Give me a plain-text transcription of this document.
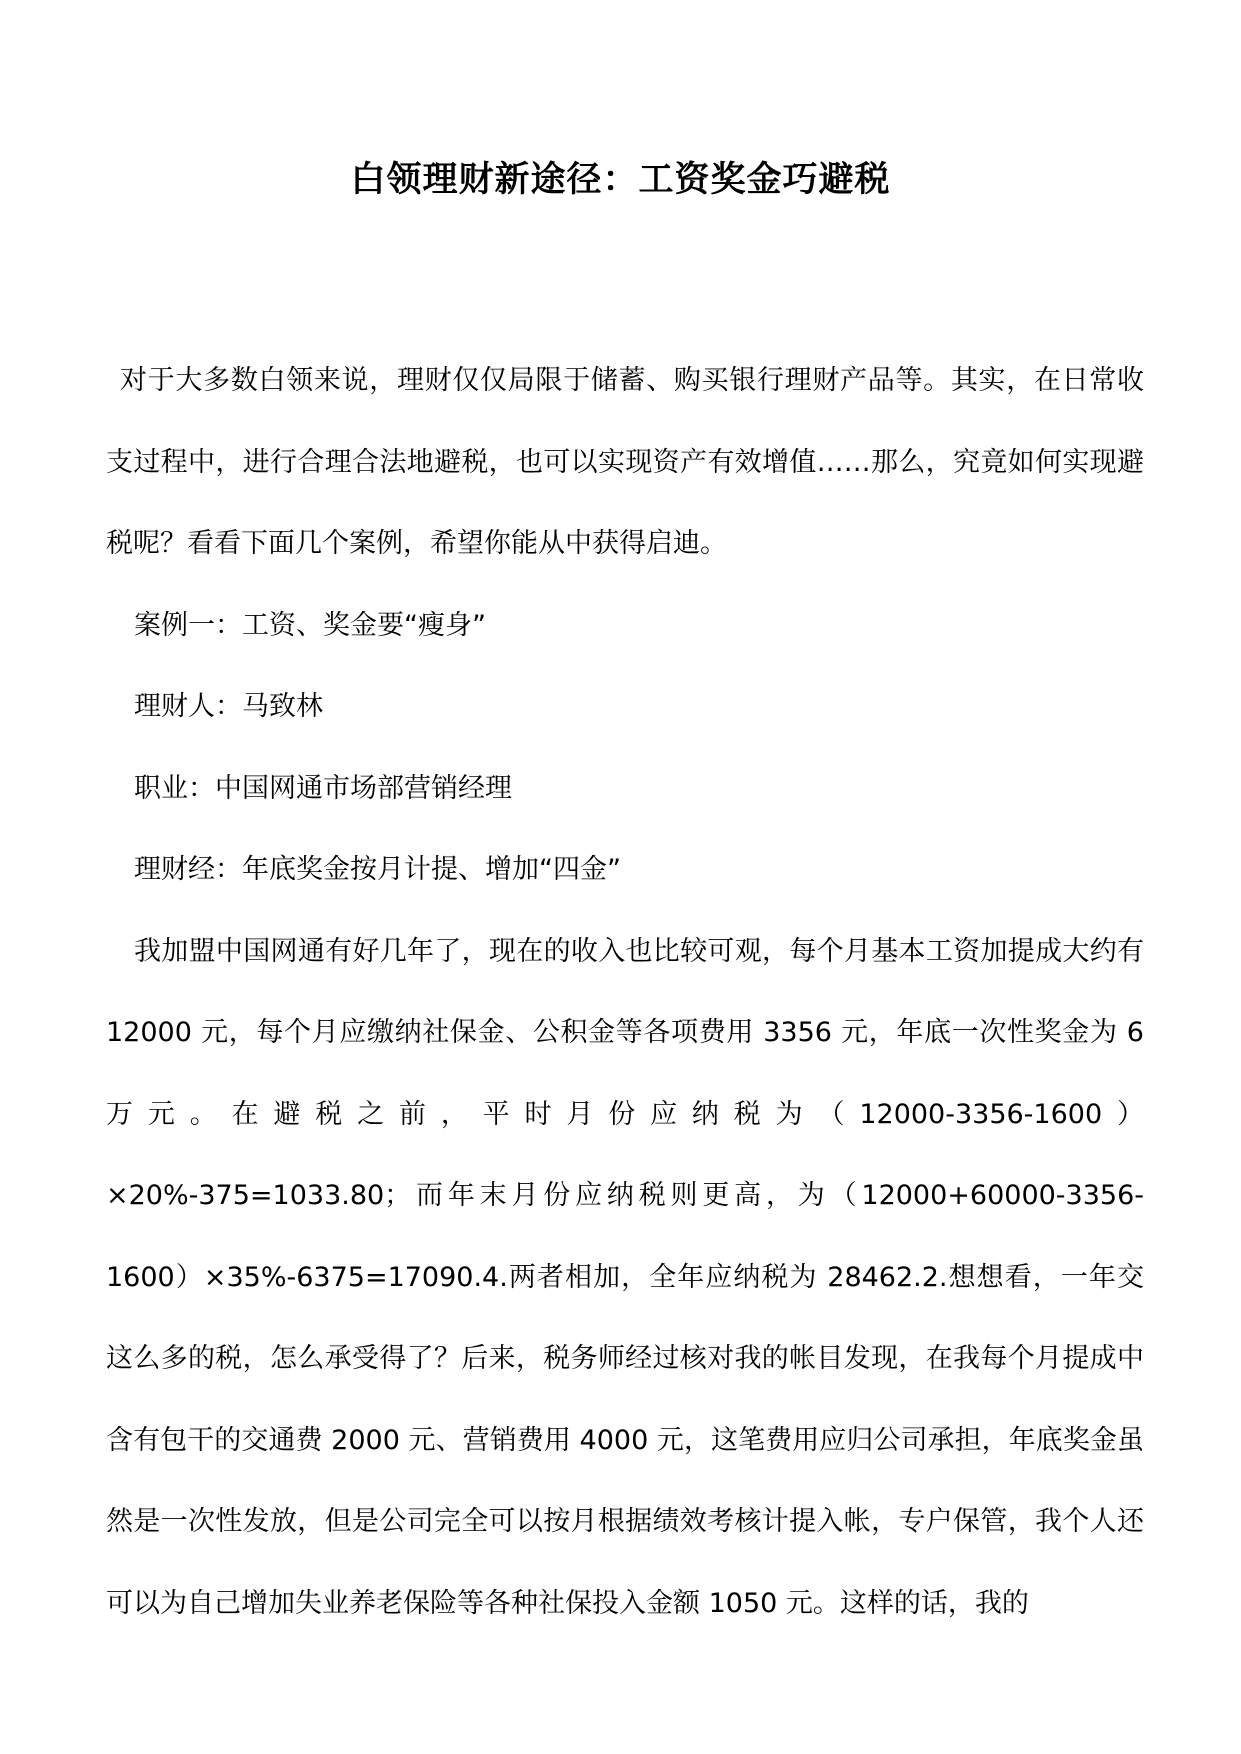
白领理财新途径：工资奖金巧避税

对于大多数白领来说，理财仅仅局限于储蓄、购买银行理财产品等。其实，在日常收支过程中，进行合理合法地避税，也可以实现资产有效增值……那么，究竟如何实现避税呢？看看下面几个案例，希望你能从中获得启迪。

案例一：工资、奖金要“瘦身”

理财人：马致林

职业：中国网通市场部营销经理

理财经：年底奖金按月计提、增加“四金”

我加盟中国网通有好几年了，现在的收入也比较可观，每个月基本工资加提成大约有 12000 元，每个月应缴纳社保金、公积金等各项费用 3356 元，年底一次性奖金为 6 万元。在避税之前，平时月份应纳税为（12000-3356-1600）×20%-375=1033.80；而年末月份应纳税则更高，为（12000+60000-3356-1600）×35%-6375=17090.4.两者相加，全年应纳税为 28462.2.想想看，一年交这么多的税，怎么承受得了？后来，税务师经过核对我的帐目发现，在我每个月提成中含有包干的交通费 2000 元、营销费用 4000 元，这笔费用应归公司承担，年底奖金虽然是一次性发放，但是公司完全可以按月根据绩效考核计提入帐，专户保管，我个人还可以为自己增加失业养老保险等各种社保投入金额 1050 元。这样的话，我的
